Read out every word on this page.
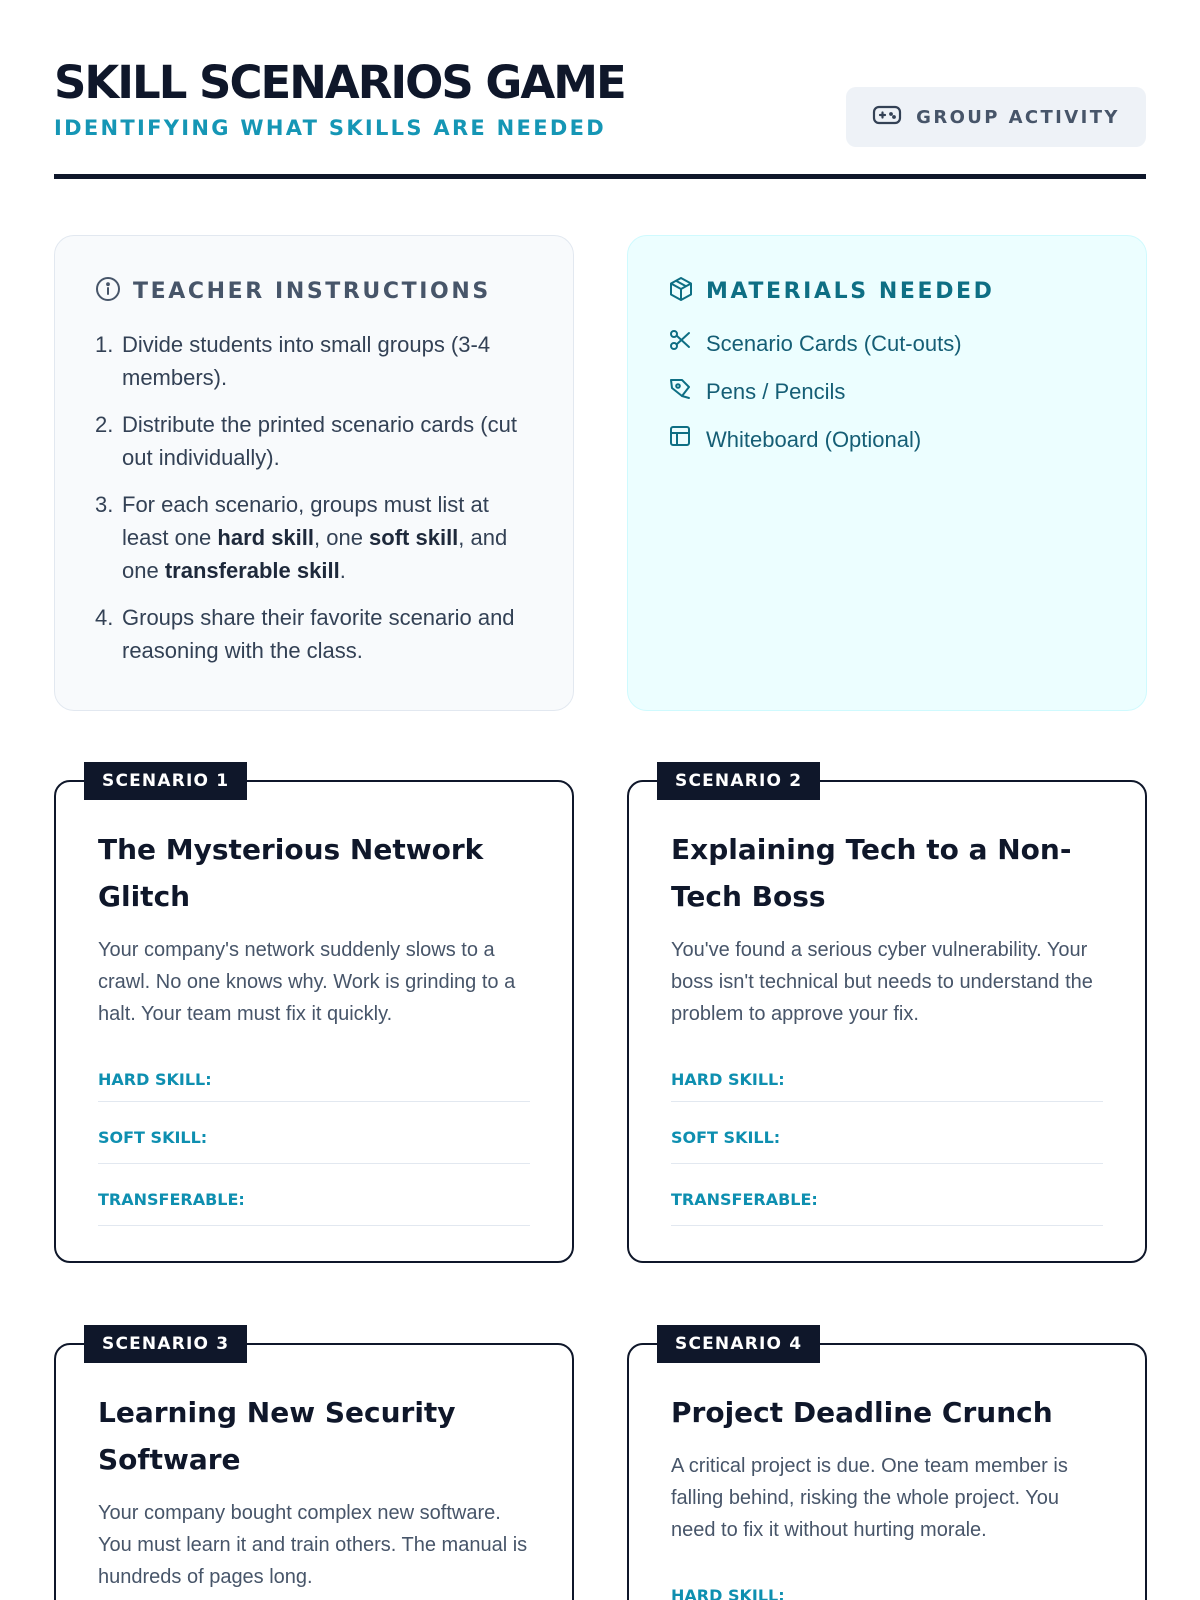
SKILL SCENARIOS GAME
IDENTIFYING WHAT SKILLS ARE NEEDED	GROUP ACTIVITY
TEACHER INSTRUCTIONS
1. Divide students into small groups (3-4 members).
2. Distribute the printed scenario cards (cut out individually).
3. For each scenario, groups must list at least one hard skill, one soft skill, and one transferable skill.
4. Groups share their favorite scenario and reasoning with the class.
MATERIALS NEEDED
Scenario Cards (Cut-outs)
Pens / Pencils
Whiteboard (Optional)
SCENARIO 1
The Mysterious Network Glitch

Your company's network suddenly slows to a crawl. No one knows why. Work is grinding to a halt. Your team must fix it quickly.

HARD SKILL:
SOFT SKILL:
TRANSFERABLE:
SCENARIO 2
Explaining Tech to a Non-Tech Boss

You've found a serious cyber vulnerability. Your boss isn't technical but needs to understand the problem to approve your fix.

HARD SKILL:
SOFT SKILL:
TRANSFERABLE:
SCENARIO 3
Learning New Security Software

Your company bought complex new software. You must learn it and train others. The manual is hundreds of pages long.

SCENARIO 4
Project Deadline Crunch

A critical project is due. One team member is falling behind, risking the whole project. You need to fix it without hurting morale.

HARD SKILL:
